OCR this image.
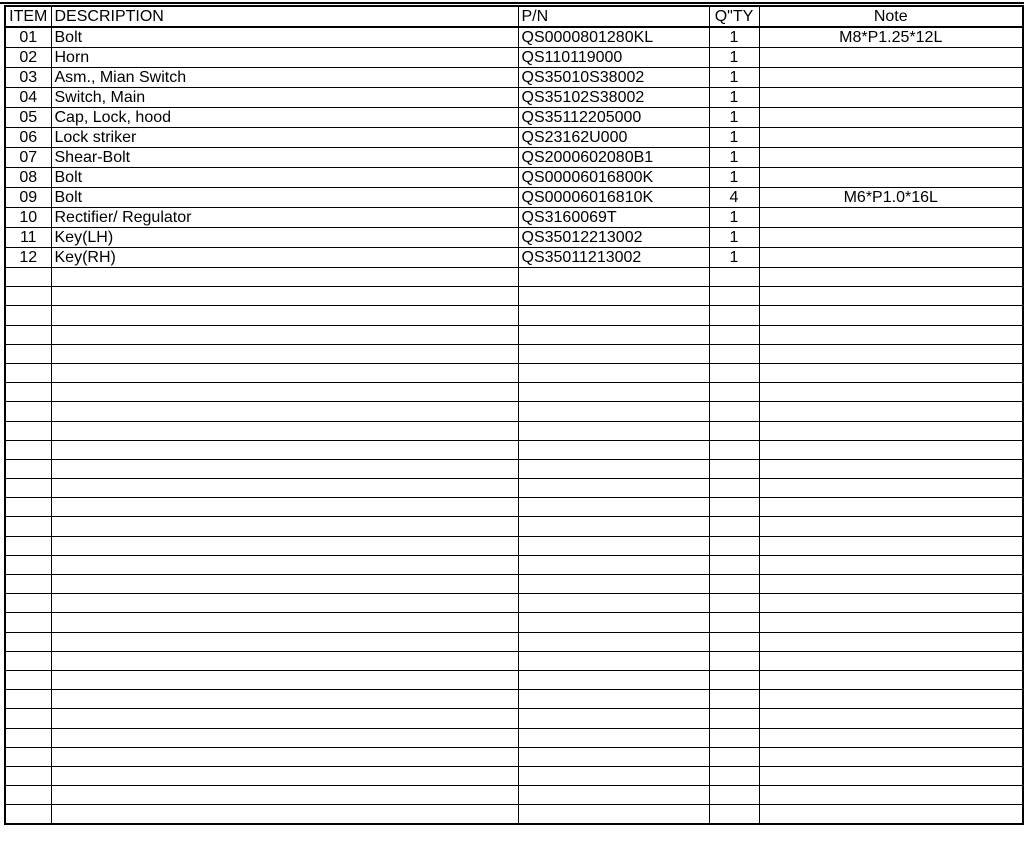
ITEM	DESCRIPTION	P/N	Q"TY	Note
01	Bolt	QS0000801280KL	1	M8*P1.25*12L
02	Horn	QS110119000	1	
03	Asm., Mian Switch	QS35010S38002	1	
04	Switch, Main	QS35102S38002	1	
05	Cap, Lock, hood	QS35112205000	1	
06	Lock striker	QS23162U000	1	
07	Shear-Bolt	QS2000602080B1	1	
08	Bolt	QS00006016800K	1	
09	Bolt	QS00006016810K	4	M6*P1.0*16L
10	Rectifier/ Regulator	QS3160069T	1	
11	Key(LH)	QS35012213002	1	
12	Key(RH)	QS35011213002	1	
